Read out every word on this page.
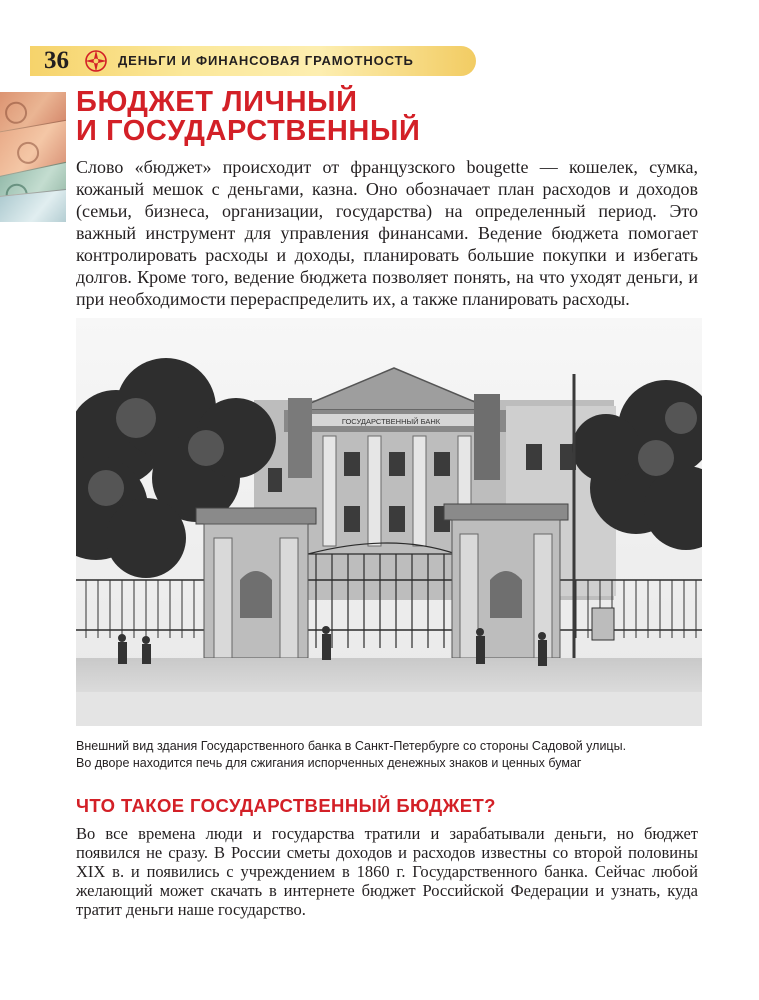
36	ДЕНЬГИ И ФИНАНСОВАЯ ГРАМОТНОСТЬ
БЮДЖЕТ ЛИЧНЫЙ
И ГОСУДАРСТВЕННЫЙ

Слово «бюджет» происходит от французского bougette — кошелек, сумка, кожаный мешок с деньгами, казна. Оно обозначает план расходов и доходов (семьи, бизнеса, организации, государства) на определенный период. Это важный инструмент для управления финансами. Ведение бюджета помогает контролировать расходы и доходы, планировать большие покупки и избегать долгов. Кроме того, ведение бюджета позволяет понять, на что уходят деньги, и при необходимости перераспределить их, а также планировать расходы.

ГОСУДАРСТВЕННЫЙ БАНК

Внешний вид здания Государственного банка в Санкт-Петербурге со стороны Садовой улицы.
Во дворе находится печь для сжигания испорченных денежных знаков и ценных бумаг

ЧТО ТАКОЕ ГОСУДАРСТВЕННЫЙ БЮДЖЕТ?

Во все времена люди и государства тратили и зарабатывали деньги, но бюджет появился не сразу. В России сметы доходов и расходов известны со второй половины XIX в. и появились с учреждением в 1860 г. Государственного банка. Сейчас любой желающий может скачать в интернете бюджет Российской Федерации и узнать, куда тратит деньги наше государство.
